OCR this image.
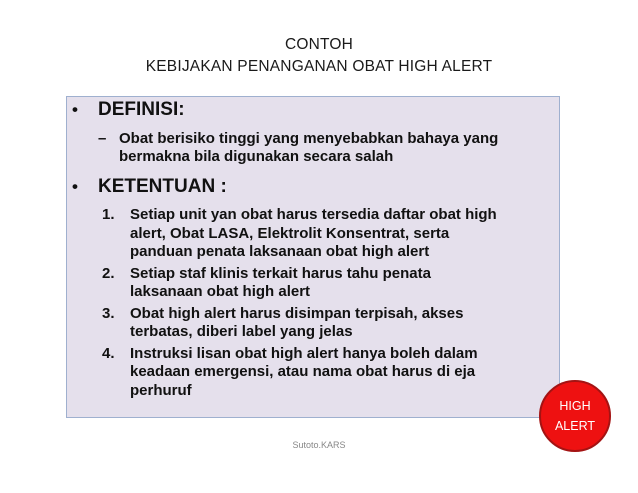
CONTOH
KEBIJAKAN PENANGANAN OBAT HIGH ALERT
•	DEFINISI:
– Obat berisiko tinggi yang menyebabkan bahaya yang
bermakna bila digunakan secara salah
•	KETENTUAN :
1.	Setiap unit yan obat harus tersedia daftar obat high
alert, Obat LASA, Elektrolit Konsentrat, serta
panduan penata laksanaan obat high alert
2.	Setiap staf klinis terkait harus tahu penata
laksanaan obat high alert
3.	Obat high alert harus disimpan terpisah, akses
terbatas, diberi label yang jelas
4.	Instruksi lisan obat high alert hanya boleh dalam
keadaan emergensi, atau nama obat harus di eja
perhuruf
Sutoto.KARS
HIGH
ALERT
